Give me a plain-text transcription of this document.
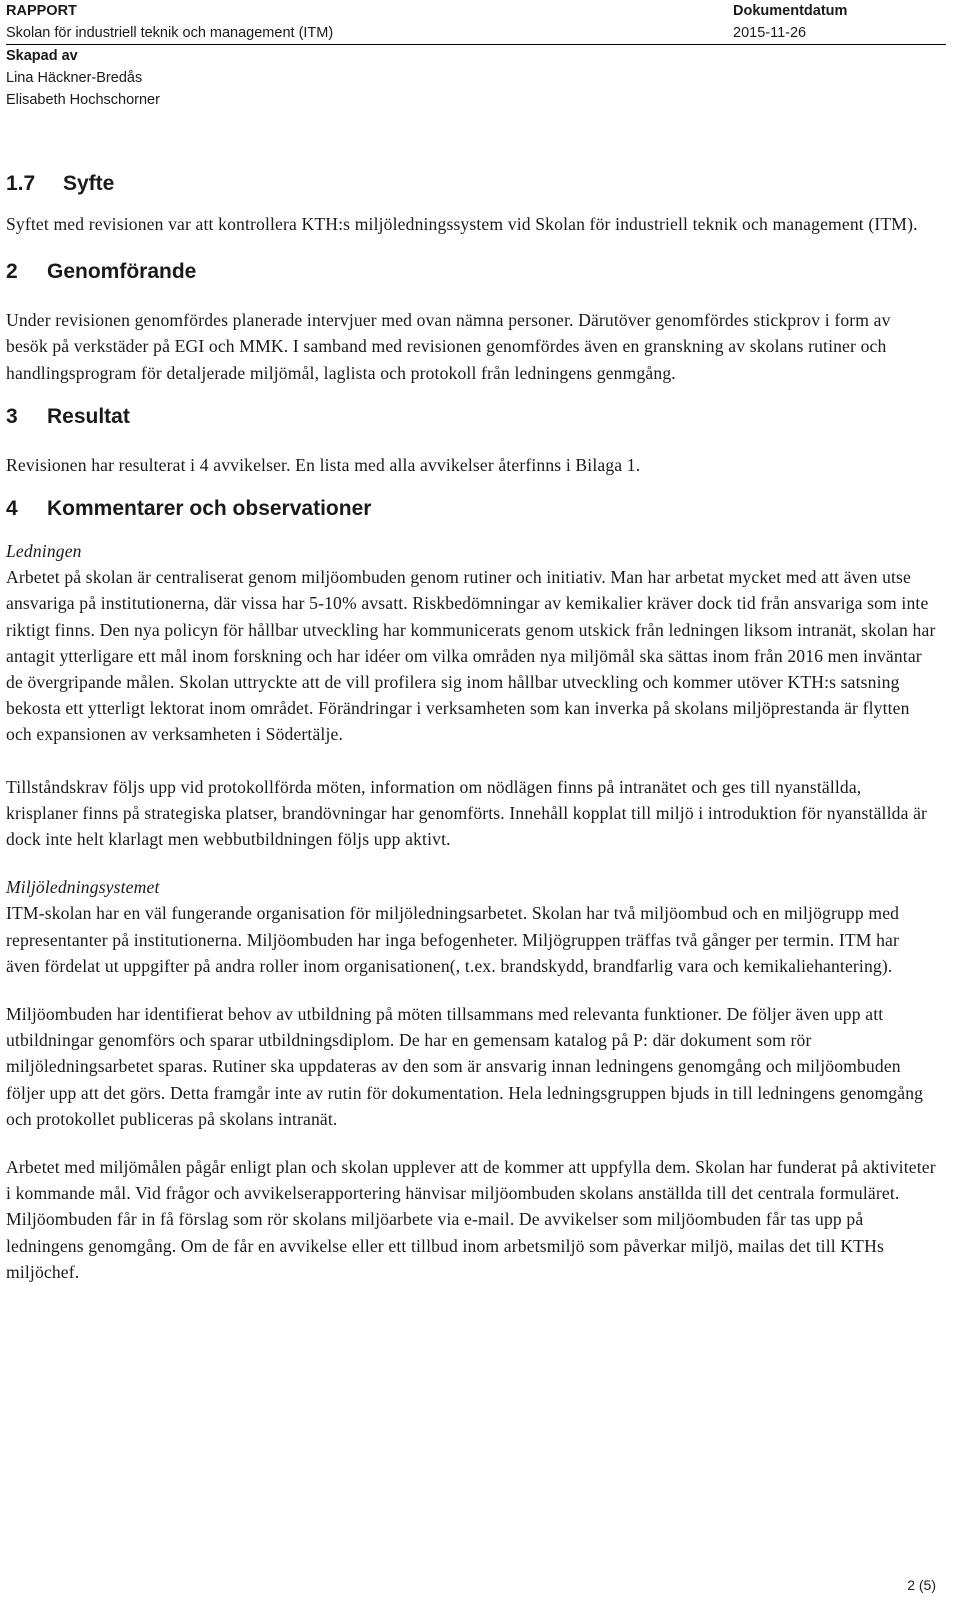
RAPPORT
Skolan för industriell teknik och management (ITM)
Dokumentdatum
2015-11-26
Skapad av
Lina Häckner-Bredås
Elisabeth Hochschorner
1.7 Syfte

Syftet med revisionen var att kontrollera KTH:s miljöledningssystem vid Skolan för industriell teknik och management (ITM).

2 Genomförande

Under revisionen genomfördes planerade intervjuer med ovan nämna personer. Därutöver genomfördes stickprov i form av besök på verkstäder på EGI och MMK. I samband med revisionen genomfördes även en granskning av skolans rutiner och handlingsprogram för detaljerade miljömål, laglista och protokoll från ledningens genmgång.

3 Resultat

Revisionen har resulterat i 4 avvikelser. En lista med alla avvikelser återfinns i Bilaga 1.

4 Kommentarer och observationer

Ledningen

Arbetet på skolan är centraliserat genom miljöombuden genom rutiner och initiativ. Man har arbetat mycket med att även utse ansvariga på institutionerna, där vissa har 5-10% avsatt. Riskbedömningar av kemikalier kräver dock tid från ansvariga som inte riktigt finns. Den nya policyn för hållbar utveckling har kommunicerats genom utskick från ledningen liksom intranät, skolan har antagit ytterligare ett mål inom forskning och har idéer om vilka områden nya miljömål ska sättas inom från 2016 men inväntar de övergripande målen. Skolan uttryckte att de vill profilera sig inom hållbar utveckling och kommer utöver KTH:s satsning bekosta ett ytterligt lektorat inom området. Förändringar i verksamheten som kan inverka på skolans miljöprestanda är flytten och expansionen av verksamheten i Södertälje.

Tillståndskrav följs upp vid protokollförda möten, information om nödlägen finns på intranätet och ges till nyanställda, krisplaner finns på strategiska platser, brandövningar har genomförts. Innehåll kopplat till miljö i introduktion för nyanställda är dock inte helt klarlagt men webbutbildningen följs upp aktivt.

Miljöledningsystemet

ITM-skolan har en väl fungerande organisation för miljöledningsarbetet. Skolan har två miljöombud och en miljögrupp med representanter på institutionerna. Miljöombuden har inga befogenheter. Miljögruppen träffas två gånger per termin. ITM har även fördelat ut uppgifter på andra roller inom organisationen(, t.ex. brandskydd, brandfarlig vara och kemikaliehantering).

Miljöombuden har identifierat behov av utbildning på möten tillsammans med relevanta funktioner. De följer även upp att utbildningar genomförs och sparar utbildningsdiplom. De har en gemensam katalog på P: där dokument som rör miljöledningsarbetet sparas. Rutiner ska uppdateras av den som är ansvarig innan ledningens genomgång och miljöombuden följer upp att det görs. Detta framgår inte av rutin för dokumentation. Hela ledningsgruppen bjuds in till ledningens genomgång och protokollet publiceras på skolans intranät.

Arbetet med miljömålen pågår enligt plan och skolan upplever att de kommer att uppfylla dem. Skolan har funderat på aktiviteter i kommande mål. Vid frågor och avvikelserapportering hänvisar miljöombuden skolans anställda till det centrala formuläret. Miljöombuden får in få förslag som rör skolans miljöarbete via e-mail. De avvikelser som miljöombuden får tas upp på ledningens genomgång. Om de får en avvikelse eller ett tillbud inom arbetsmiljö som påverkar miljö, mailas det till KTHs miljöchef.

2 (5)
